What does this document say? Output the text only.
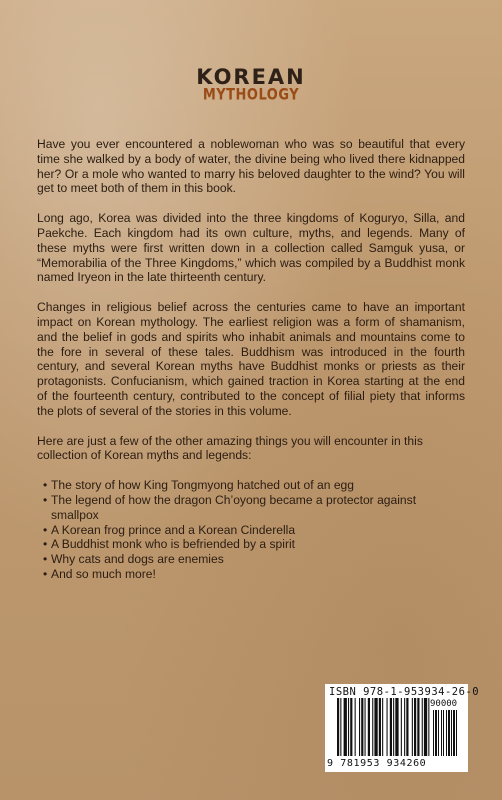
KOREAN
MYTHOLOGY

Have you ever encountered a noblewoman who was so beautiful that every time she walked by a body of water, the divine being who lived there kidnapped her? Or a mole who wanted to marry his beloved daughter to the wind? You will get to meet both of them in this book.

Long ago, Korea was divided into the three kingdoms of Koguryo, Silla, and Paekche. Each kingdom had its own culture, myths, and legends. Many of these myths were first written down in a collection called Samguk yusa, or “Memorabilia of the Three Kingdoms,” which was compiled by a Buddhist monk named Iryeon in the late thirteenth century.

Changes in religious belief across the centuries came to have an important impact on Korean mythology. The earliest religion was a form of shamanism, and the belief in gods and spirits who inhabit animals and mountains come to the fore in several of these tales. Buddhism was introduced in the fourth century, and several Korean myths have Buddhist monks or priests as their protagonists. Confucianism, which gained traction in Korea starting at the end of the fourteenth century, contributed to the concept of filial piety that informs the plots of several of the stories in this volume.

Here are just a few of the other amazing things you will encounter in this collection of Korean myths and legends:

• The story of how King Tongmyong hatched out of an egg
• The legend of how the dragon Ch’oyong became a protector against smallpox
• A Korean frog prince and a Korean Cinderella
• A Buddhist monk who is befriended by a spirit
• Why cats and dogs are enemies
• And so much more!
ISBN 978-1-953934-26-0
90000
9 781953 934260
